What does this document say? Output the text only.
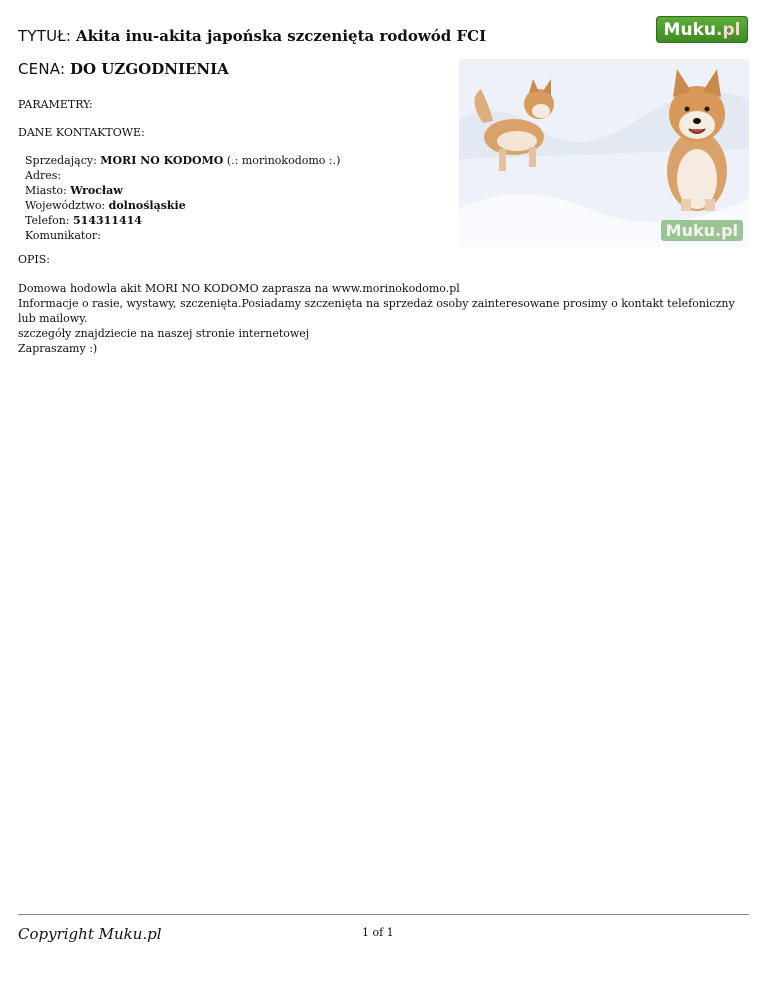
TYTUŁ: Akita inu-akita japońska szczenięta rodowód FCI
CENA: DO UZGODNIENIA
Muku .pl
Muku.pl
PARAMETRY:
DANE KONTAKTOWE:
Sprzedający: MORI NO KODOMO (.: morinokodomo :.)
Adres:
Miasto: Wrocław
Województwo: dolnośląskie
Telefon: 514311414
Komunikator:
OPIS:
Domowa hodowla akit MORI NO KODOMO zaprasza na www.morinokodomo.pl
Informacje o rasie, wystawy, szczenięta.Posiadamy szczenięta na sprzedaż osoby zainteresowane prosimy o kontakt telefoniczny lub mailowy.
szczegóły znajdziecie na naszej stronie internetowej
Zapraszamy :)
Copyright Muku.pl	1 of 1
